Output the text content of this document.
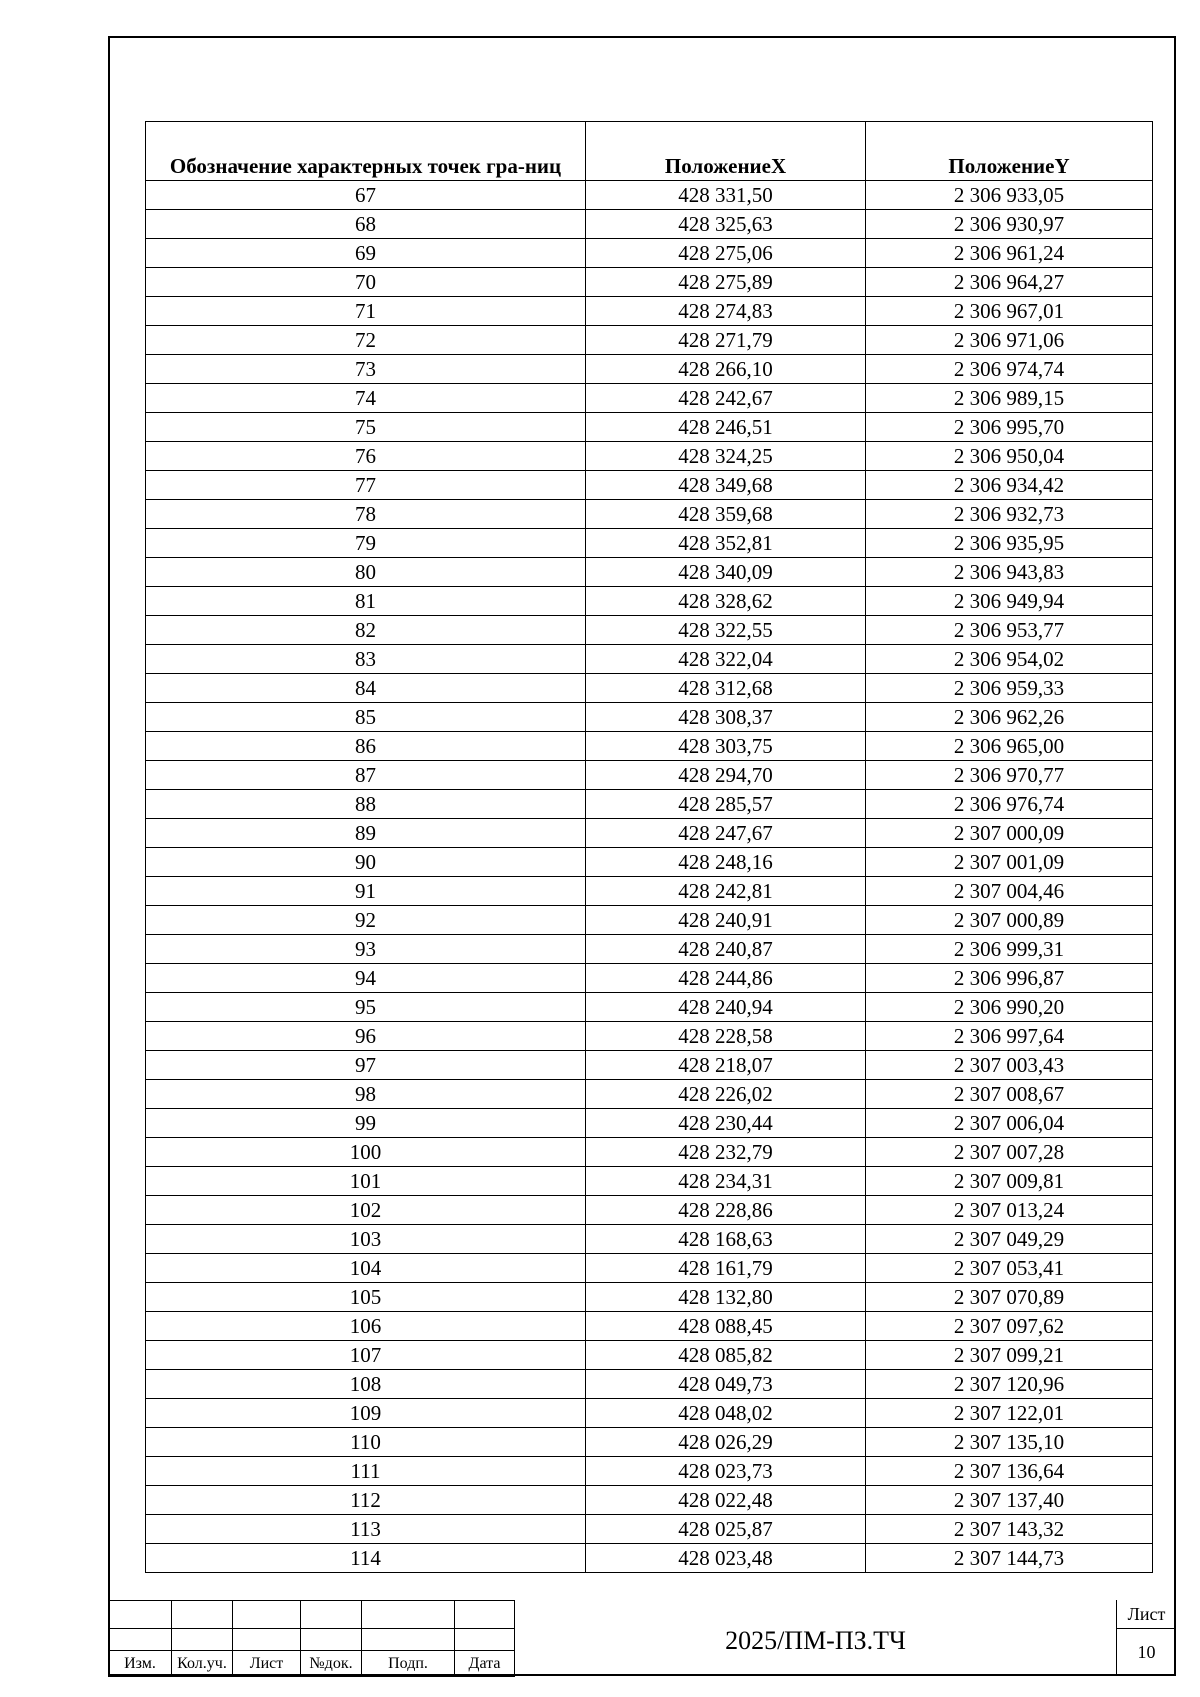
Обозначение характерных точек гра-ниц	ПоложениеX	ПоложениеY
67	428 331,50	2 306 933,05
68	428 325,63	2 306 930,97
69	428 275,06	2 306 961,24
70	428 275,89	2 306 964,27
71	428 274,83	2 306 967,01
72	428 271,79	2 306 971,06
73	428 266,10	2 306 974,74
74	428 242,67	2 306 989,15
75	428 246,51	2 306 995,70
76	428 324,25	2 306 950,04
77	428 349,68	2 306 934,42
78	428 359,68	2 306 932,73
79	428 352,81	2 306 935,95
80	428 340,09	2 306 943,83
81	428 328,62	2 306 949,94
82	428 322,55	2 306 953,77
83	428 322,04	2 306 954,02
84	428 312,68	2 306 959,33
85	428 308,37	2 306 962,26
86	428 303,75	2 306 965,00
87	428 294,70	2 306 970,77
88	428 285,57	2 306 976,74
89	428 247,67	2 307 000,09
90	428 248,16	2 307 001,09
91	428 242,81	2 307 004,46
92	428 240,91	2 307 000,89
93	428 240,87	2 306 999,31
94	428 244,86	2 306 996,87
95	428 240,94	2 306 990,20
96	428 228,58	2 306 997,64
97	428 218,07	2 307 003,43
98	428 226,02	2 307 008,67
99	428 230,44	2 307 006,04
100	428 232,79	2 307 007,28
101	428 234,31	2 307 009,81
102	428 228,86	2 307 013,24
103	428 168,63	2 307 049,29
104	428 161,79	2 307 053,41
105	428 132,80	2 307 070,89
106	428 088,45	2 307 097,62
107	428 085,82	2 307 099,21
108	428 049,73	2 307 120,96
109	428 048,02	2 307 122,01
110	428 026,29	2 307 135,10
111	428 023,73	2 307 136,64
112	428 022,48	2 307 137,40
113	428 025,87	2 307 143,32
114	428 023,48	2 307 144,73

Изм.	Кол.уч.	Лист	№док.	Подп.	Дата
2025/ПМ-ПЗ.ТЧ
Лист
10
